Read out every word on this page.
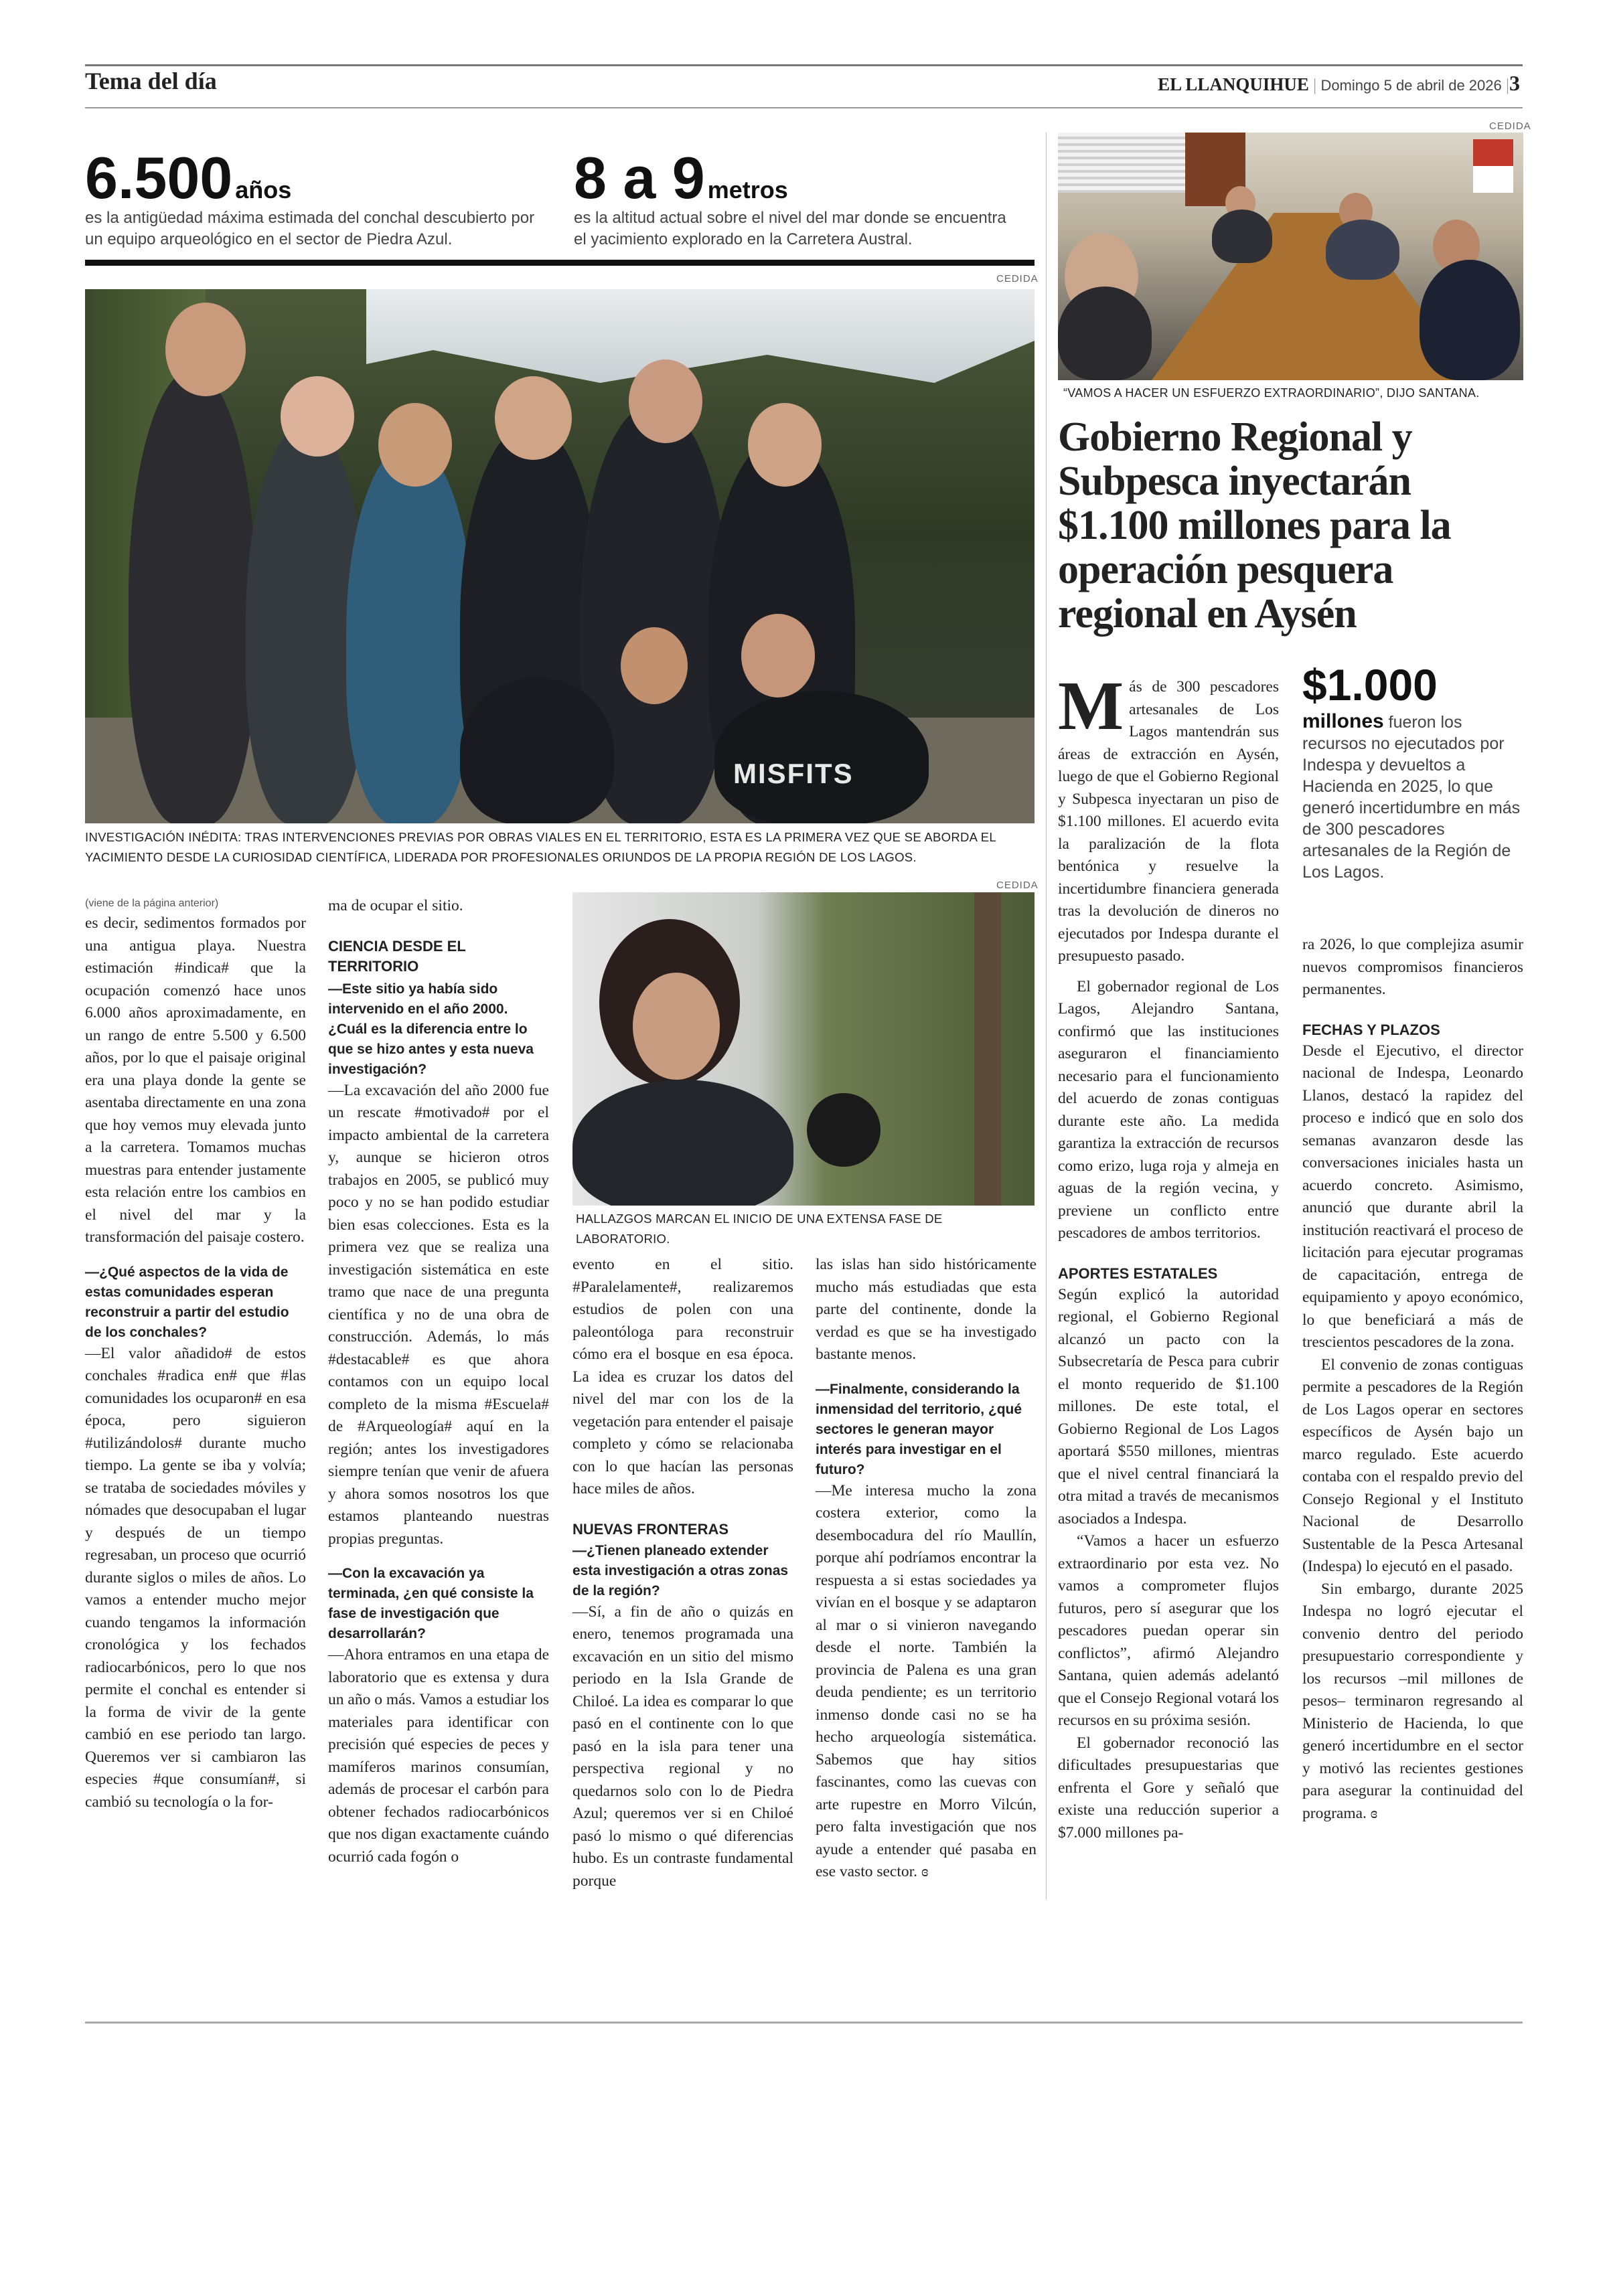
Tema del día	EL LLANQUIHUE | Domingo 5 de abril de 2026 |3
6.500 años
es la antigüedad máxima estimada del conchal descubierto por un equipo arqueológico en el sector de Piedra Azul.
8 a 9 metros
es la altitud actual sobre el nivel del mar donde se encuentra el yacimiento explorado en la Carretera Austral.
CEDIDA
MISFITS
INVESTIGACIÓN INÉDITA: TRAS INTERVENCIONES PREVIAS POR OBRAS VIALES EN EL TERRITORIO, ESTA ES LA PRIMERA VEZ QUE SE ABORDA EL YACIMIENTO DESDE LA CURIOSIDAD CIENTÍFICA, LIDERADA POR PROFESIONALES ORIUNDOS DE LA PROPIA REGIÓN DE LOS LAGOS.
CEDIDA
“VAMOS A HACER UN ESFUERZO EXTRAORDINARIO”, DIJO SANTANA.
Gobierno Regional y Subpesca inyectarán $1.100 millones para la operación pesquera regional en Aysén
CEDIDA
HALLAZGOS MARCAN EL INICIO DE UNA EXTENSA FASE DE LABORATORIO.
(viene de la página anterior)

es decir, sedimentos formados por una antigua playa. Nuestra estimación #indica# que la ocupación comenzó hace unos 6.000 años aproximadamente, en un rango de entre 5.500 y 6.500 años, por lo que el paisaje original era una playa donde la gente se asentaba directamente en una zona que hoy vemos muy elevada junto a la carretera. Tomamos muchas muestras para entender justamente esta relación entre los cambios en el nivel del mar y la transformación del paisaje costero.

—¿Qué aspectos de la vida de estas comunidades esperan reconstruir a partir del estudio de los conchales?

—El valor añadido# de estos conchales #radica en# que #las comunidades los ocuparon# en esa época, pero siguieron #utilizándolos# durante mucho tiempo. La gente se iba y volvía; se trataba de sociedades móviles y nómades que desocupaban el lugar y después de un tiempo regresaban, un proceso que ocurrió durante siglos o miles de años. Lo vamos a entender mucho mejor cuando tengamos la información cronológica y los fechados radiocarbónicos, pero lo que nos permite el conchal es entender si la forma de vivir de la gente cambió en ese periodo tan largo. Queremos ver si cambiaron las especies #que consumían#, si cambió su tecnología o la for-

ma de ocupar el sitio.

CIENCIA DESDE EL TERRITORIO

—Este sitio ya había sido intervenido en el año 2000. ¿Cuál es la diferencia entre lo que se hizo antes y esta nueva investigación?

—La excavación del año 2000 fue un rescate #motivado# por el impacto ambiental de la carretera y, aunque se hicieron otros trabajos en 2005, se publicó muy poco y no se han podido estudiar bien esas colecciones. Esta es la primera vez que se realiza una investigación sistemática en este tramo que nace de una pregunta científica y no de una obra de construcción. Además, lo más #destacable# es que ahora contamos con un equipo local completo de la misma #Escuela# de #Arqueología# aquí en la región; antes los investigadores siempre tenían que venir de afuera y ahora somos nosotros los que estamos planteando nuestras propias preguntas.

—Con la excavación ya terminada, ¿en qué consiste la fase de investigación que desarrollarán?

—Ahora entramos en una etapa de laboratorio que es extensa y dura un año o más. Vamos a estudiar los materiales para identificar con precisión qué especies de peces y mamíferos marinos consumían, además de procesar el carbón para obtener fechados radiocarbónicos que nos digan exactamente cuándo ocurrió cada fogón o

evento en el sitio. #Paralelamente#, realizaremos estudios de polen con una paleontóloga para reconstruir cómo era el bosque en esa época. La idea es cruzar los datos del nivel del mar con los de la vegetación para entender el paisaje completo y cómo se relacionaba con lo que hacían las personas hace miles de años.

NUEVAS FRONTERAS

—¿Tienen planeado extender esta investigación a otras zonas de la región?

—Sí, a fin de año o quizás en enero, tenemos programada una excavación en un sitio del mismo periodo en la Isla Grande de Chiloé. La idea es comparar lo que pasó en el continente con lo que pasó en la isla para tener una perspectiva regional y no quedarnos solo con lo de Piedra Azul; queremos ver si en Chiloé pasó lo mismo o qué diferencias hubo. Es un contraste fundamental porque

las islas han sido históricamente mucho más estudiadas que esta parte del continente, donde la verdad es que se ha investigado bastante menos.

—Finalmente, considerando la inmensidad del territorio, ¿qué sectores le generan mayor interés para investigar en el futuro?

—Me interesa mucho la zona costera exterior, como la desembocadura del río Maullín, porque ahí podríamos encontrar la respuesta a si estas sociedades ya vivían en el bosque y se adaptaron al mar o si vinieron navegando desde el norte. También la provincia de Palena es una gran deuda pendiente; es un territorio inmenso donde casi no se ha hecho arqueología sistemática. Sabemos que hay sitios fascinantes, como las cuevas con arte rupestre en Morro Vilcún, pero falta investigación que nos ayude a entender qué pasaba en ese vasto sector. ɞ

Más de 300 pescadores artesanales de Los Lagos mantendrán sus áreas de extracción en Aysén, luego de que el Gobierno Regional y Subpesca inyectaran un piso de $1.100 millones. El acuerdo evita la paralización de la flota bentónica y resuelve la incertidumbre financiera generada tras la devolución de dineros no ejecutados por Indespa durante el presupuesto pasado.

El gobernador regional de Los Lagos, Alejandro Santana, confirmó que las instituciones aseguraron el financiamiento necesario para el funcionamiento del acuerdo de zonas contiguas durante este año. La medida garantiza la extracción de recursos como erizo, luga roja y almeja en aguas de la región vecina, y previene un conflicto entre pescadores de ambos territorios.

APORTES ESTATALES

Según explicó la autoridad regional, el Gobierno Regional alcanzó un pacto con la Subsecretaría de Pesca para cubrir el monto requerido de $1.100 millones. De este total, el Gobierno Regional de Los Lagos aportará $550 millones, mientras que el nivel central financiará la otra mitad a través de mecanismos asociados a Indespa.

“Vamos a hacer un esfuerzo extraordinario por esta vez. No vamos a comprometer flujos futuros, pero sí asegurar que los pescadores puedan operar sin conflictos”, afirmó Alejandro Santana, quien además adelantó que el Consejo Regional votará los recursos en su próxima sesión.

El gobernador reconoció las dificultades presupuestarias que enfrenta el Gore y señaló que existe una reducción superior a $7.000 millones pa-

$1.000
millones fueron los recursos no ejecutados por Indespa y devueltos a Hacienda en 2025, lo que generó incertidumbre en más de 300 pescadores artesanales de la Región de Los Lagos.

ra 2026, lo que complejiza asumir nuevos compromisos financieros permanentes.

FECHAS Y PLAZOS

Desde el Ejecutivo, el director nacional de Indespa, Leonardo Llanos, destacó la rapidez del proceso e indicó que en solo dos semanas avanzaron desde las conversaciones iniciales hasta un acuerdo concreto. Asimismo, anunció que durante abril la institución reactivará el proceso de licitación para ejecutar programas de capacitación, entrega de equipamiento y apoyo económico, lo que beneficiará a más de trescientos pescadores de la zona.

El convenio de zonas contiguas permite a pescadores de la Región de Los Lagos operar en sectores específicos de Aysén bajo un marco regulado. Este acuerdo contaba con el respaldo previo del Consejo Regional y el Instituto Nacional de Desarrollo Sustentable de la Pesca Artesanal (Indespa) lo ejecutó en el pasado.

Sin embargo, durante 2025 Indespa no logró ejecutar el convenio dentro del periodo presupuestario correspondiente y los recursos –mil millones de pesos– terminaron regresando al Ministerio de Hacienda, lo que generó incertidumbre en el sector y motivó las recientes gestiones para asegurar la continuidad del programa. ɞ
